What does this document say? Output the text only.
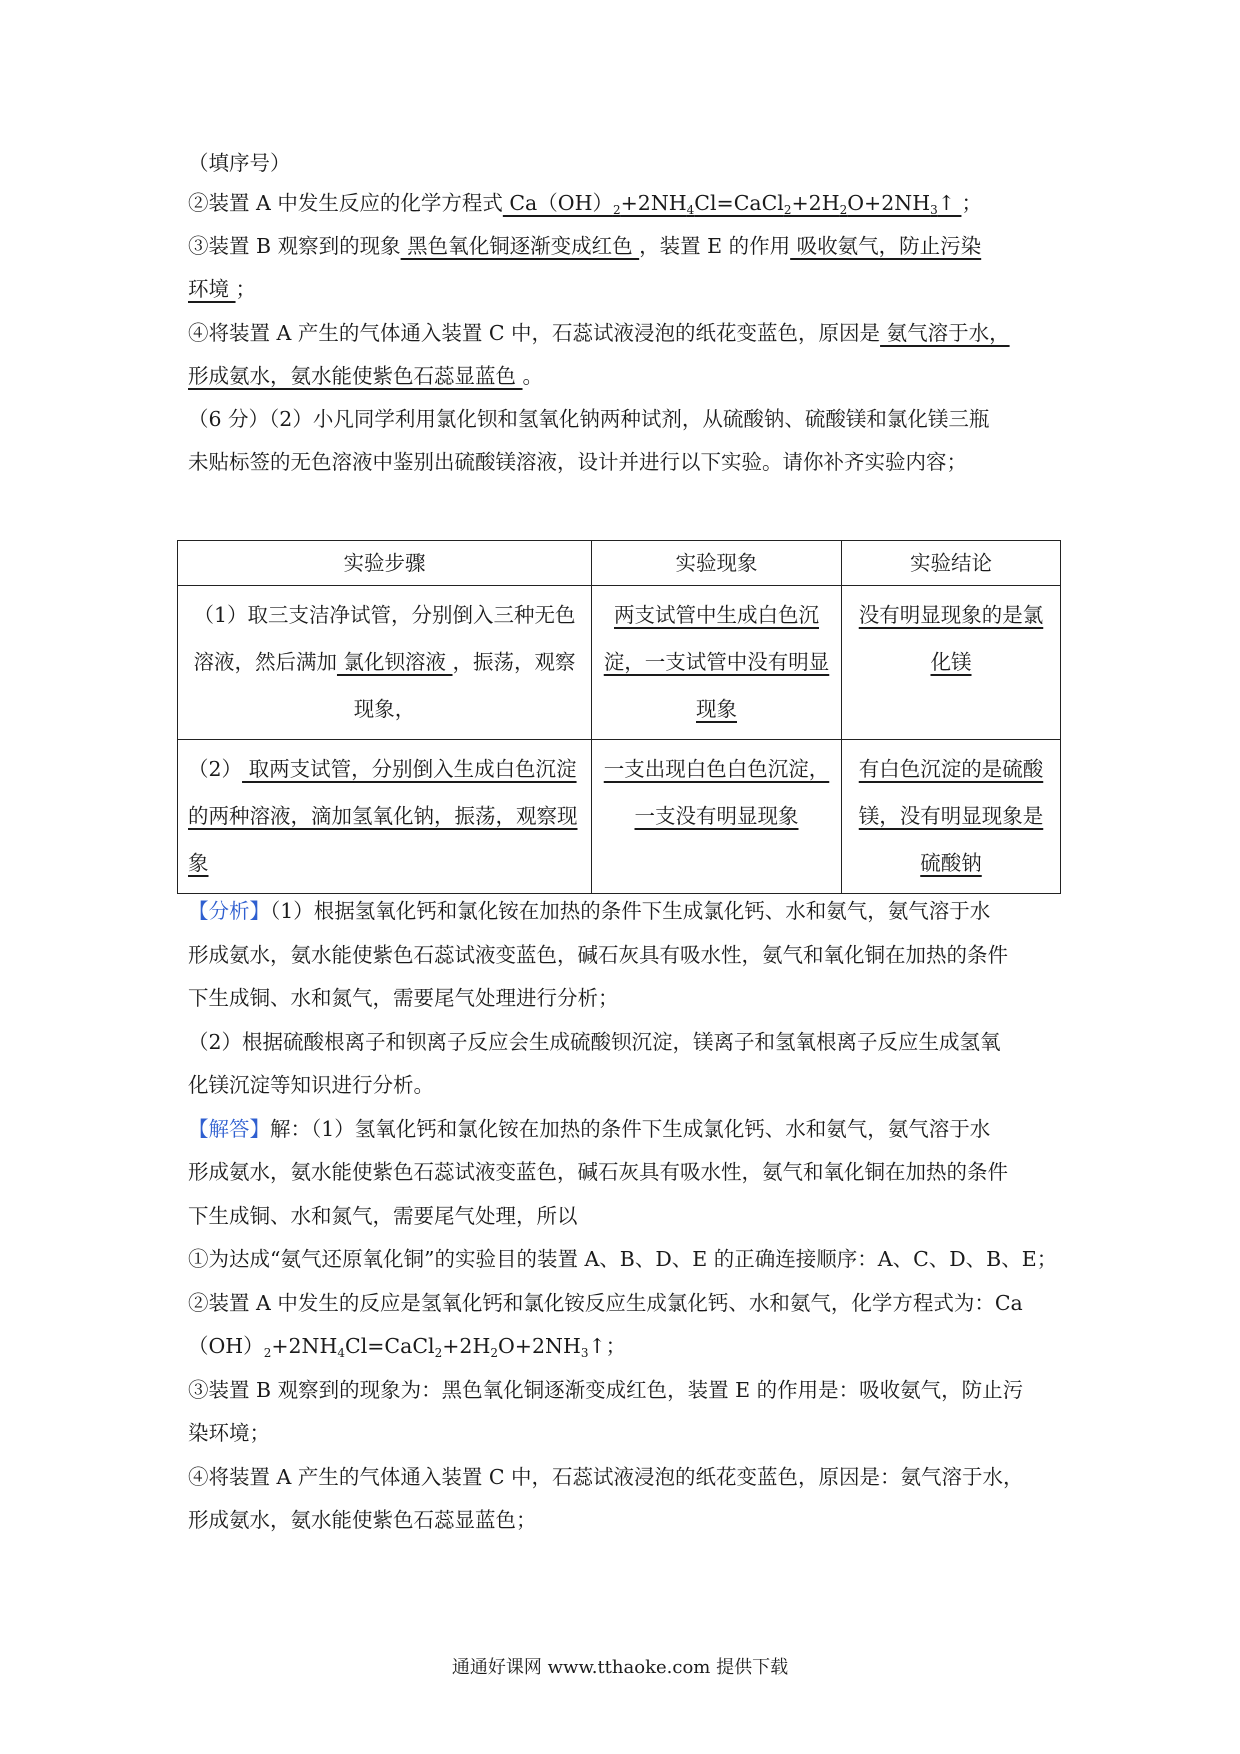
（填序号）
②装置 A 中发生反应的化学方程式 $Ca(OH)_2+2NH_4Cl=CaCl_2+2H_2O+2NH_3↑$ ；
③装置 B 观察到的现象 黑色氧化铜逐渐变成红色 ，装置 E 的作用 吸收氨气，防止污染
环境 ；
④将装置 A 产生的气体通入装置 C 中，石蕊试液浸泡的纸花变蓝色，原因是 氨气溶于水，
形成氨水，氨水能使紫色石蕊显蓝色 。
（6 分）（2）小凡同学利用氯化钡和氢氧化钠两种试剂，从硫酸钠、硫酸镁和氯化镁三瓶
未贴标签的无色溶液中鉴别出硫酸镁溶液，设计并进行以下实验。请你补齐实验内容；
实验步骤	实验现象	实验结论
（1）取三支洁净试管，分别倒入三种无色溶液，然后满加 氯化钡溶液 ，振荡，观察现象，	两支试管中生成白色沉淀，一支试管中没有明显现象	没有明显现象的是氯化镁
（2） 取两支试管，分别倒入生成白色沉淀的两种溶液，滴加氢氧化钠，振荡，观察现象	一支出现白色白色沉淀，一支没有明显现象	有白色沉淀的是硫酸镁，没有明显现象是硫酸钠
【分析】（1）根据氢氧化钙和氯化铵在加热的条件下生成氯化钙、水和氨气，氨气溶于水
形成氨水，氨水能使紫色石蕊试液变蓝色，碱石灰具有吸水性，氨气和氧化铜在加热的条件
下生成铜、水和氮气，需要尾气处理进行分析；
（2）根据硫酸根离子和钡离子反应会生成硫酸钡沉淀，镁离子和氢氧根离子反应生成氢氧
化镁沉淀等知识进行分析。
【解答】解：（1）氢氧化钙和氯化铵在加热的条件下生成氯化钙、水和氨气，氨气溶于水
形成氨水，氨水能使紫色石蕊试液变蓝色，碱石灰具有吸水性，氨气和氧化铜在加热的条件
下生成铜、水和氮气，需要尾气处理，所以
①为达成“氨气还原氧化铜”的实验目的装置 A、B、D、E 的正确连接顺序：A、C、D、B、E；
②装置 A 中发生的反应是氢氧化钙和氯化铵反应生成氯化钙、水和氨气，化学方程式为：Ca
$(OH)_2+2NH_4Cl=CaCl_2+2H_2O+2NH_3↑$；
③装置 B 观察到的现象为：黑色氧化铜逐渐变成红色，装置 E 的作用是：吸收氨气，防止污
染环境；
④将装置 A 产生的气体通入装置 C 中，石蕊试液浸泡的纸花变蓝色，原因是：氨气溶于水，
形成氨水，氨水能使紫色石蕊显蓝色；
通通好课网 www.tthaoke.com 提供下载
